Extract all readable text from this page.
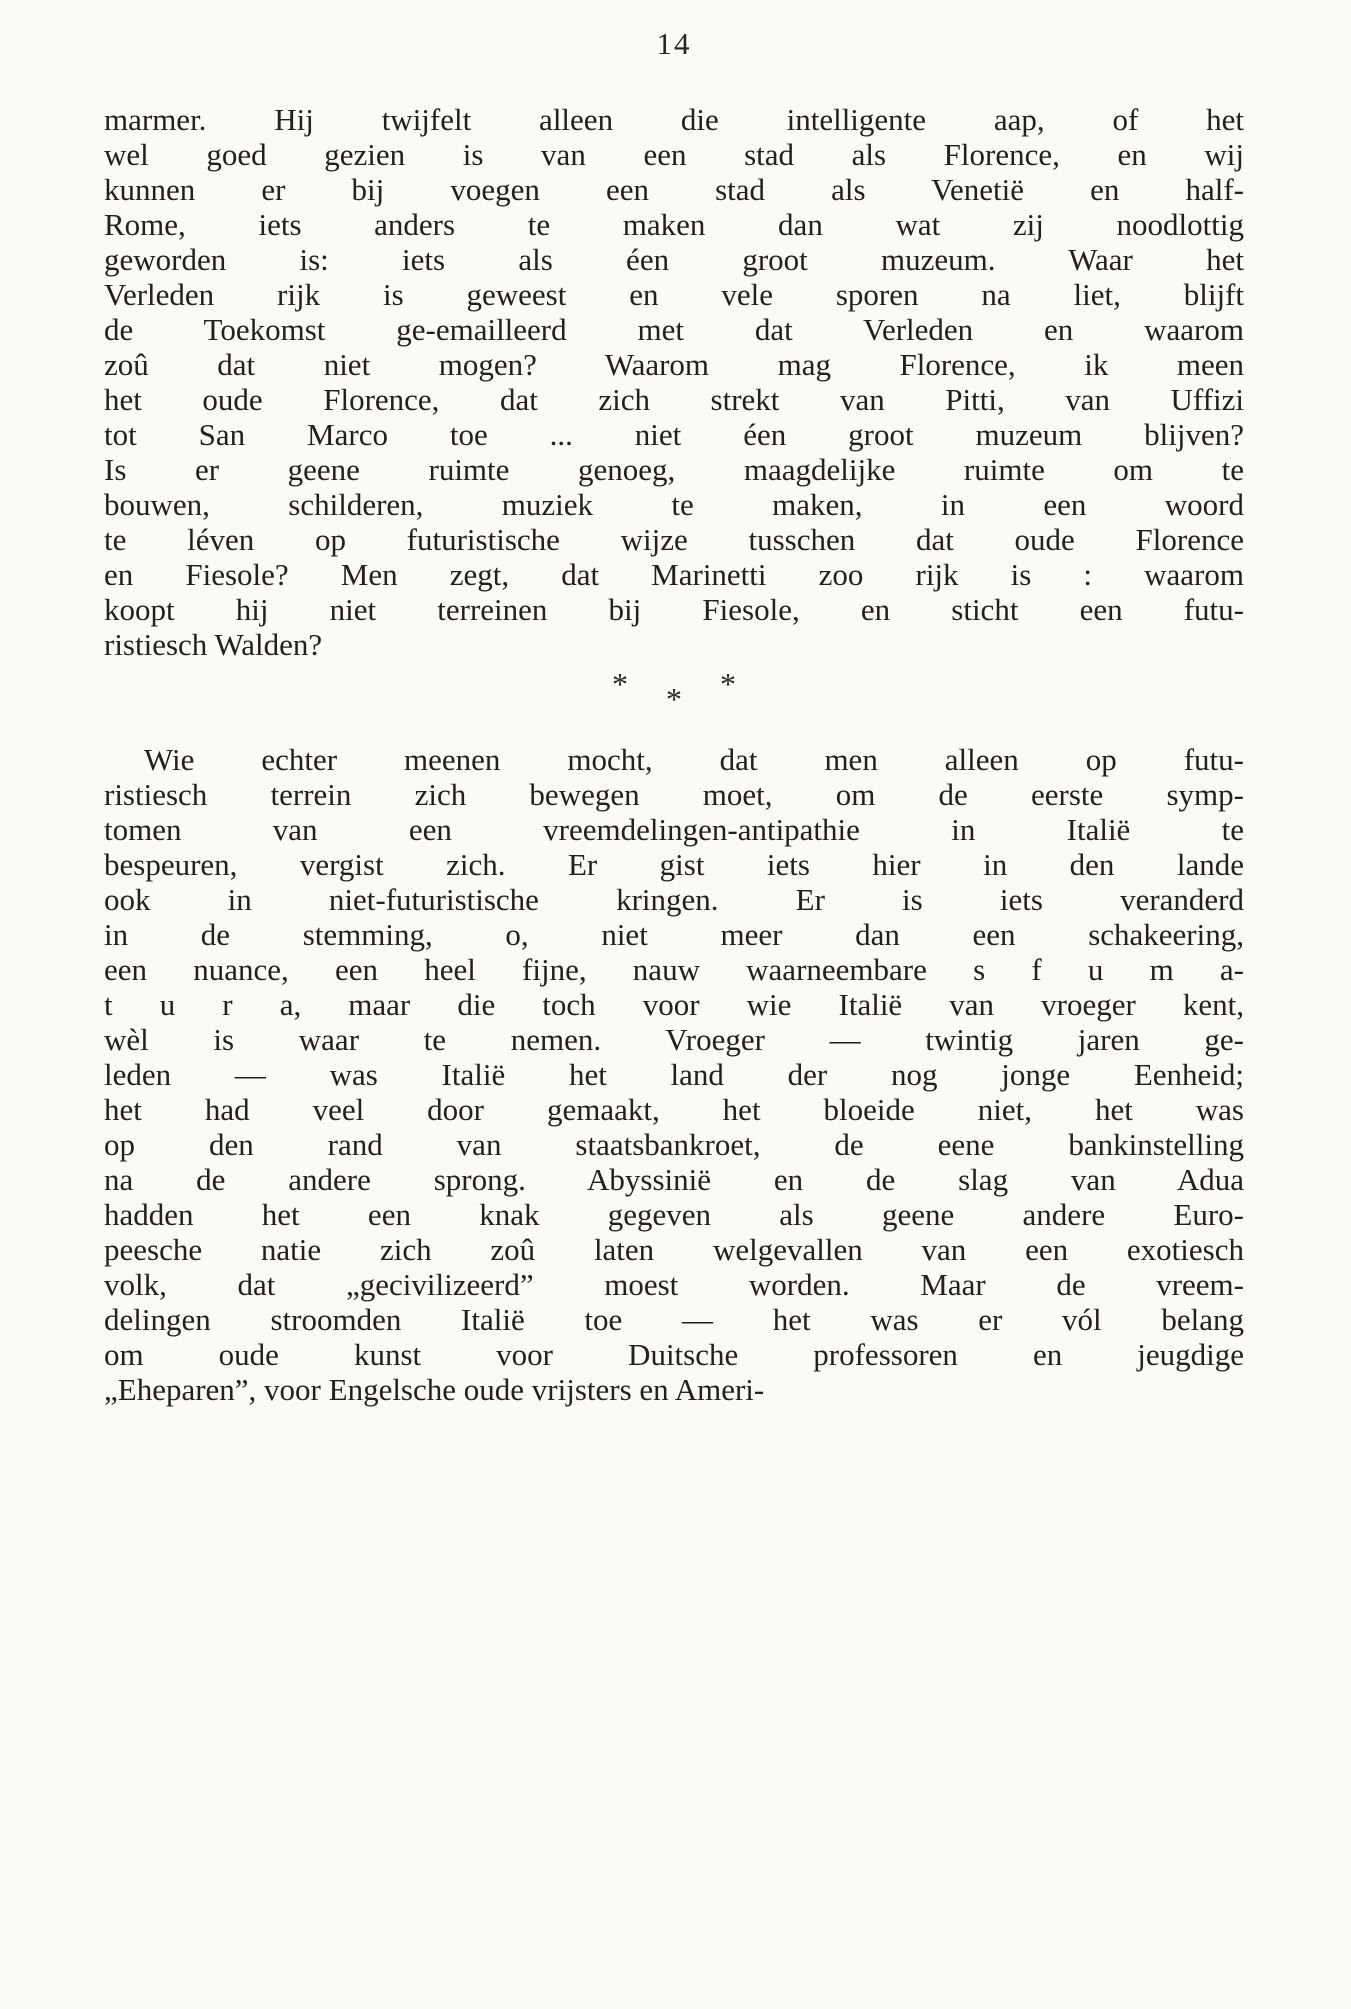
14
marmer. Hij twijfelt alleen die intelligente aap, of het
wel goed gezien is van een stad als Florence, en wij
kunnen er bij voegen een stad als Venetië en half-
Rome, iets anders te maken dan wat zij noodlottig
geworden is: iets als éen groot muzeum. Waar het
Verleden rijk is geweest en vele sporen na liet, blijft
de Toekomst ge-emailleerd met dat Verleden en waarom
zoû dat niet mogen? Waarom mag Florence, ik meen
het oude Florence, dat zich strekt van Pitti, van Uffizi
tot San Marco toe ... niet éen groot muzeum blijven?
Is er geene ruimte genoeg, maagdelijke ruimte om te
bouwen, schilderen, muziek te maken, in een woord
te léven op futuristische wijze tusschen dat oude Florence
en Fiesole? Men zegt, dat Marinetti zoo rijk is : waarom
koopt hij niet terreinen bij Fiesole, en sticht een futu-
ristiesch Walden?
* * *
Wie echter meenen mocht, dat men alleen op futu-
ristiesch terrein zich bewegen moet, om de eerste symp-
tomen van een vreemdelingen-antipathie in Italië te
bespeuren, vergist zich. Er gist iets hier in den lande
ook in niet-futuristische kringen. Er is iets veranderd
in de stemming, o, niet meer dan een schakeering,
een nuance, een heel fijne, nauw waarneembare s f u m a-
t u r a, maar die toch voor wie Italië van vroeger kent,
wèl is waar te nemen. Vroeger — twintig jaren ge-
leden — was Italië het land der nog jonge Eenheid;
het had veel door gemaakt, het bloeide niet, het was
op den rand van staatsbankroet, de eene bankinstelling
na de andere sprong. Abyssinië en de slag van Adua
hadden het een knak gegeven als geene andere Euro-
peesche natie zich zoû laten welgevallen van een exotiesch
volk, dat „gecivilizeerd” moest worden. Maar de vreem-
delingen stroomden Italië toe — het was er vól belang
om oude kunst voor Duitsche professoren en jeugdige
„Eheparen”, voor Engelsche oude vrijsters en Ameri-
